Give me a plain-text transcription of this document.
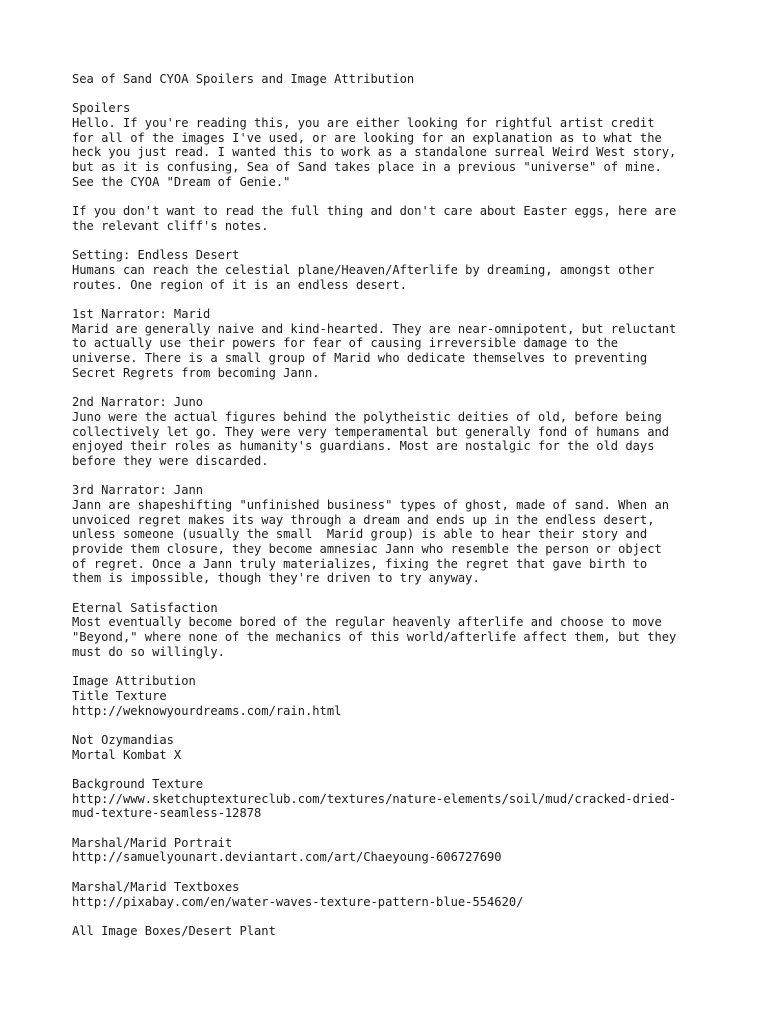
Sea of Sand CYOA Spoilers and Image Attribution
Spoilers
Hello. If you're reading this, you are either looking for rightful artist credit
for all of the images I've used, or are looking for an explanation as to what the
heck you just read. I wanted this to work as a standalone surreal Weird West story,
but as it is confusing, Sea of Sand takes place in a previous "universe" of mine.
See the CYOA "Dream of Genie."
If you don't want to read the full thing and don't care about Easter eggs, here are
the relevant cliff's notes.
Setting: Endless Desert
Humans can reach the celestial plane/Heaven/Afterlife by dreaming, amongst other
routes. One region of it is an endless desert.
1st Narrator: Marid
Marid are generally naive and kind-hearted. They are near-omnipotent, but reluctant
to actually use their powers for fear of causing irreversible damage to the
universe. There is a small group of Marid who dedicate themselves to preventing
Secret Regrets from becoming Jann.
2nd Narrator: Juno
Juno were the actual figures behind the polytheistic deities of old, before being
collectively let go. They were very temperamental but generally fond of humans and
enjoyed their roles as humanity's guardians. Most are nostalgic for the old days
before they were discarded.
3rd Narrator: Jann
Jann are shapeshifting "unfinished business" types of ghost, made of sand. When an
unvoiced regret makes its way through a dream and ends up in the endless desert,
unless someone (usually the small  Marid group) is able to hear their story and
provide them closure, they become amnesiac Jann who resemble the person or object
of regret. Once a Jann truly materializes, fixing the regret that gave birth to
them is impossible, though they're driven to try anyway.
Eternal Satisfaction
Most eventually become bored of the regular heavenly afterlife and choose to move
"Beyond," where none of the mechanics of this world/afterlife affect them, but they
must do so willingly.
Image Attribution
Title Texture
http://weknowyourdreams.com/rain.html
Not Ozymandias
Mortal Kombat X
Background Texture
http://www.sketchuptextureclub.com/textures/nature-elements/soil/mud/cracked-dried-
mud-texture-seamless-12878
Marshal/Marid Portrait
http://samuelyounart.deviantart.com/art/Chaeyoung-606727690
Marshal/Marid Textboxes
http://pixabay.com/en/water-waves-texture-pattern-blue-554620/
All Image Boxes/Desert Plant
